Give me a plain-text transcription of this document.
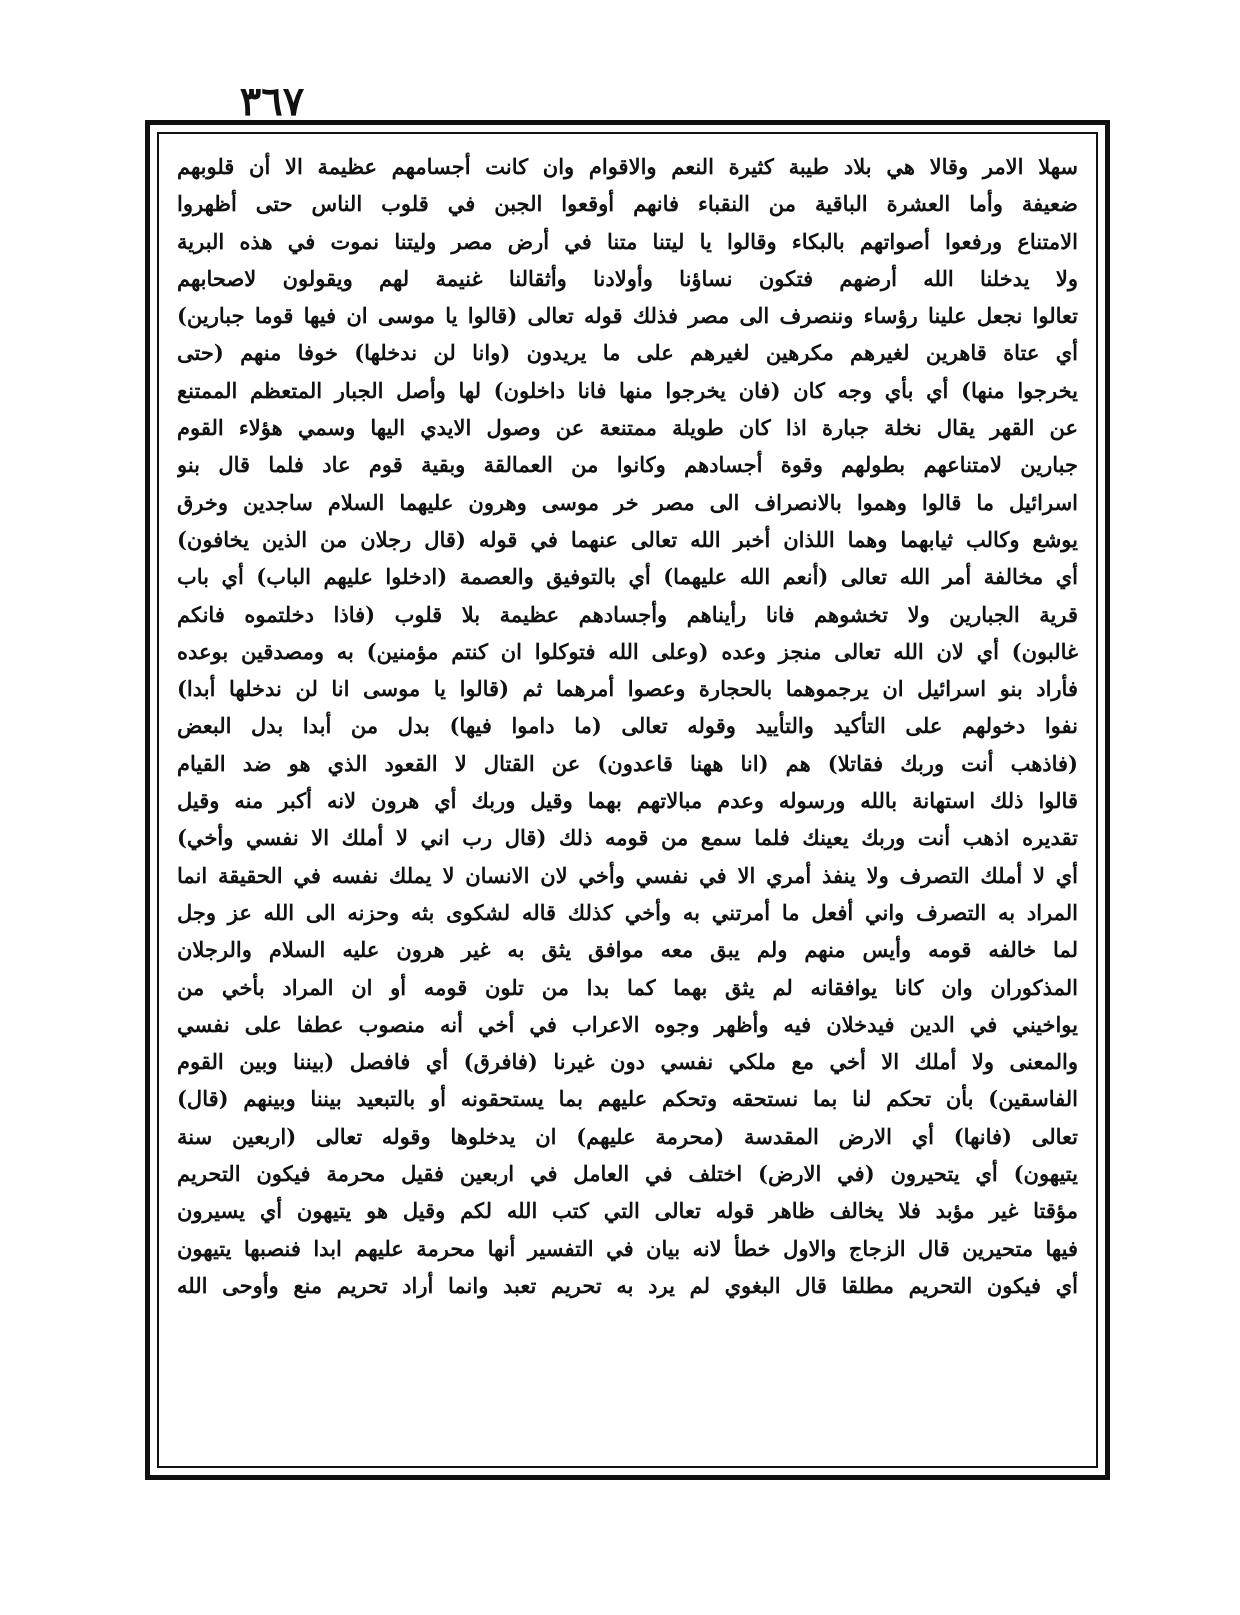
٣٦٧
سهلا الامر وقالا هي بلاد طيبة كثيرة النعم والاقوام وان كانت أجسامهم عظيمة الا أن قلوبهم
ضعيفة وأما العشرة الباقية من النقباء فانهم أوقعوا الجبن في قلوب الناس حتى أظهروا
الامتناع ورفعوا أصواتهم بالبكاء وقالوا يا ليتنا متنا في أرض مصر وليتنا نموت في هذه البرية
ولا يدخلنا الله أرضهم فتكون نساؤنا وأولادنا وأثقالنا غنيمة لهم ويقولون لاصحابهم
تعالوا نجعل علينا رؤساء وننصرف الى مصر فذلك قوله تعالى (قالوا يا موسى ان فيها قوما جبارين)
أي عتاة قاهرين لغيرهم مكرهين لغيرهم على ما يريدون (وانا لن ندخلها) خوفا منهم (حتى
يخرجوا منها) أي بأي وجه كان (فان يخرجوا منها فانا داخلون) لها وأصل الجبار المتعظم الممتنع
عن القهر يقال نخلة جبارة اذا كان طويلة ممتنعة عن وصول الايدي اليها وسمي هؤلاء القوم
جبارين لامتناعهم بطولهم وقوة أجسادهم وكانوا من العمالقة وبقية قوم عاد فلما قال بنو
اسرائيل ما قالوا وهموا بالانصراف الى مصر خر موسى وهرون عليهما السلام ساجدين وخرق
يوشع وكالب ثيابهما وهما اللذان أخبر الله تعالى عنهما في قوله (قال رجلان من الذين يخافون)
أي مخالفة أمر الله تعالى (أنعم الله عليهما) أي بالتوفيق والعصمة (ادخلوا عليهم الباب) أي باب
قرية الجبارين ولا تخشوهم فانا رأيناهم وأجسادهم عظيمة بلا قلوب (فاذا دخلتموه فانكم
غالبون) أي لان الله تعالى منجز وعده (وعلى الله فتوكلوا ان كنتم مؤمنين) به ومصدقين بوعده
فأراد بنو اسرائيل ان يرجموهما بالحجارة وعصوا أمرهما ثم (قالوا يا موسى انا لن ندخلها أبدا)
نفوا دخولهم على التأكيد والتأييد وقوله تعالى (ما داموا فيها) بدل من أبدا بدل البعض
(فاذهب أنت وربك فقاتلا) هم (انا ههنا قاعدون) عن القتال لا القعود الذي هو ضد القيام
قالوا ذلك استهانة بالله ورسوله وعدم مبالاتهم بهما وقيل وربك أي هرون لانه أكبر منه وقيل
تقديره اذهب أنت وربك يعينك فلما سمع من قومه ذلك (قال رب اني لا أملك الا نفسي وأخي)
أي لا أملك التصرف ولا ينفذ أمري الا في نفسي وأخي لان الانسان لا يملك نفسه في الحقيقة انما
المراد به التصرف واني أفعل ما أمرتني به وأخي كذلك قاله لشكوى بثه وحزنه الى الله عز وجل
لما خالفه قومه وأيس منهم ولم يبق معه موافق يثق به غير هرون عليه السلام والرجلان
المذكوران وان كانا يوافقانه لم يثق بهما كما بدا من تلون قومه أو ان المراد بأخي من
يواخيني في الدين فيدخلان فيه وأظهر وجوه الاعراب في أخي أنه منصوب عطفا على نفسي
والمعنى ولا أملك الا أخي مع ملكي نفسي دون غيرنا (فافرق) أي فافصل (بيننا وبين القوم
الفاسقين) بأن تحكم لنا بما نستحقه وتحكم عليهم بما يستحقونه أو بالتبعيد بيننا وبينهم (قال)
تعالى (فانها) أي الارض المقدسة (محرمة عليهم) ان يدخلوها وقوله تعالى (اربعين سنة
يتيهون) أي يتحيرون (في الارض) اختلف في العامل في اربعين فقيل محرمة فيكون التحريم
مؤقتا غير مؤبد فلا يخالف ظاهر قوله تعالى التي كتب الله لكم وقيل هو يتيهون أي يسيرون
فيها متحيرين قال الزجاج والاول خطأ لانه بيان في التفسير أنها محرمة عليهم ابدا فنصبها يتيهون
أي فيكون التحريم مطلقا قال البغوي لم يرد به تحريم تعبد وانما أراد تحريم منع وأوحى الله
